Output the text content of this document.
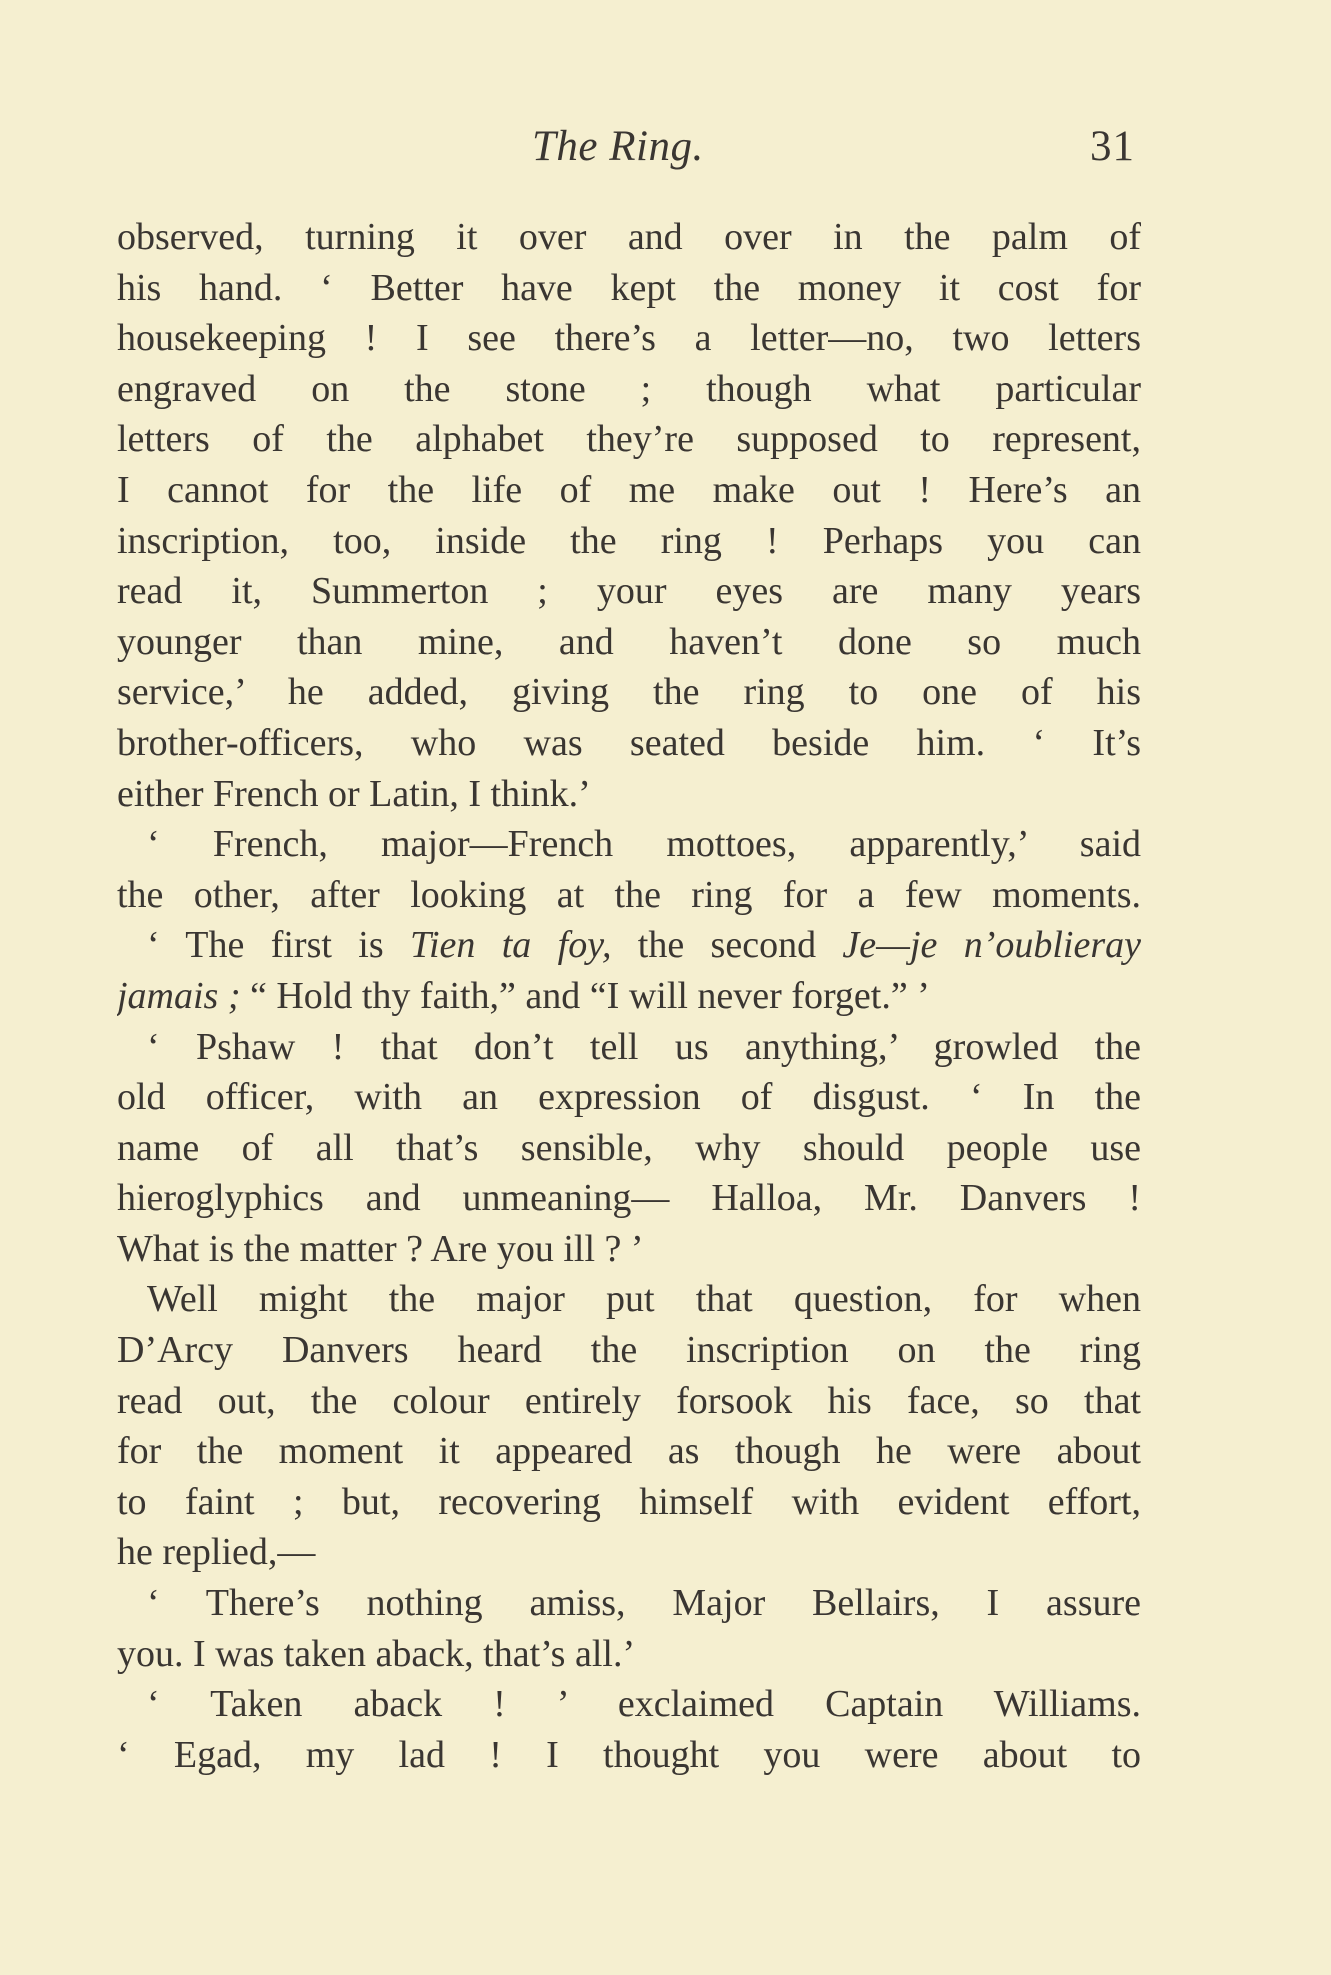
The Ring.	31
observed, turning it over and over in the palm of
his hand. ‘ Better have kept the money it cost for
housekeeping ! I see there’s a letter—no, two letters
engraved on the stone ; though what particular
letters of the alphabet they’re supposed to represent,
I cannot for the life of me make out ! Here’s an
inscription, too, inside the ring ! Perhaps you can
read it, Summerton ; your eyes are many years
younger than mine, and haven’t done so much
service,’ he added, giving the ring to one of his
brother-officers, who was seated beside him. ‘ It’s
either French or Latin, I think.’
‘ French, major—French mottoes, apparently,’ said
the other, after looking at the ring for a few moments.
‘ The first is Tien ta foy, the second Je—je n’oublieray
jamais ; “ Hold thy faith,” and “I will never forget.” ’
‘ Pshaw ! that don’t tell us anything,’ growled the
old officer, with an expression of disgust. ‘ In the
name of all that’s sensible, why should people use
hieroglyphics and unmeaning— Halloa, Mr. Danvers !
What is the matter ? Are you ill ? ’
Well might the major put that question, for when
D’Arcy Danvers heard the inscription on the ring
read out, the colour entirely forsook his face, so that
for the moment it appeared as though he were about
to faint ; but, recovering himself with evident effort,
he replied,—
‘ There’s nothing amiss, Major Bellairs, I assure
you. I was taken aback, that’s all.’
‘ Taken aback ! ’ exclaimed Captain Williams.
‘ Egad, my lad ! I thought you were about to
